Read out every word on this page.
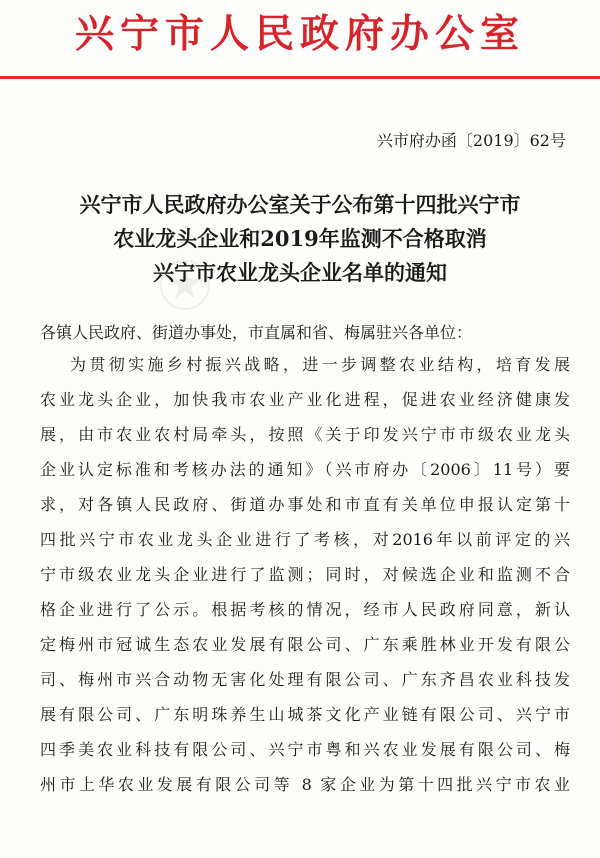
兴宁市人民政府办公室
兴市府办函〔2019〕62号
兴宁市人民政府办公室关于公布第十四批兴宁市
农业龙头企业和2019年监测不合格取消
兴宁市农业龙头企业名单的通知
各镇人民政府、街道办事处，市直属和省、梅属驻兴各单位：
为贯彻实施乡村振兴战略，进一步调整农业结构，培育发展
农业龙头企业，加快我市农业产业化进程，促进农业经济健康发
展，由市农业农村局牵头，按照《关于印发兴宁市市级农业龙头
企业认定标准和考核办法的通知》（兴市府办〔2006〕11号）要
求，对各镇人民政府、街道办事处和市直有关单位申报认定第十
四批兴宁市农业龙头企业进行了考核，对2016年以前评定的兴
宁市级农业龙头企业进行了监测；同时，对候选企业和监测不合
格企业进行了公示。根据考核的情况，经市人民政府同意，新认
定梅州市冠诚生态农业发展有限公司、广东乘胜林业开发有限公
司、梅州市兴合动物无害化处理有限公司、广东齐昌农业科技发
展有限公司、广东明珠养生山城茶文化产业链有限公司、兴宁市
四季美农业科技有限公司、兴宁市粤和兴农业发展有限公司、梅
州市上华农业发展有限公司等 8 家企业为第十四批兴宁市农业
